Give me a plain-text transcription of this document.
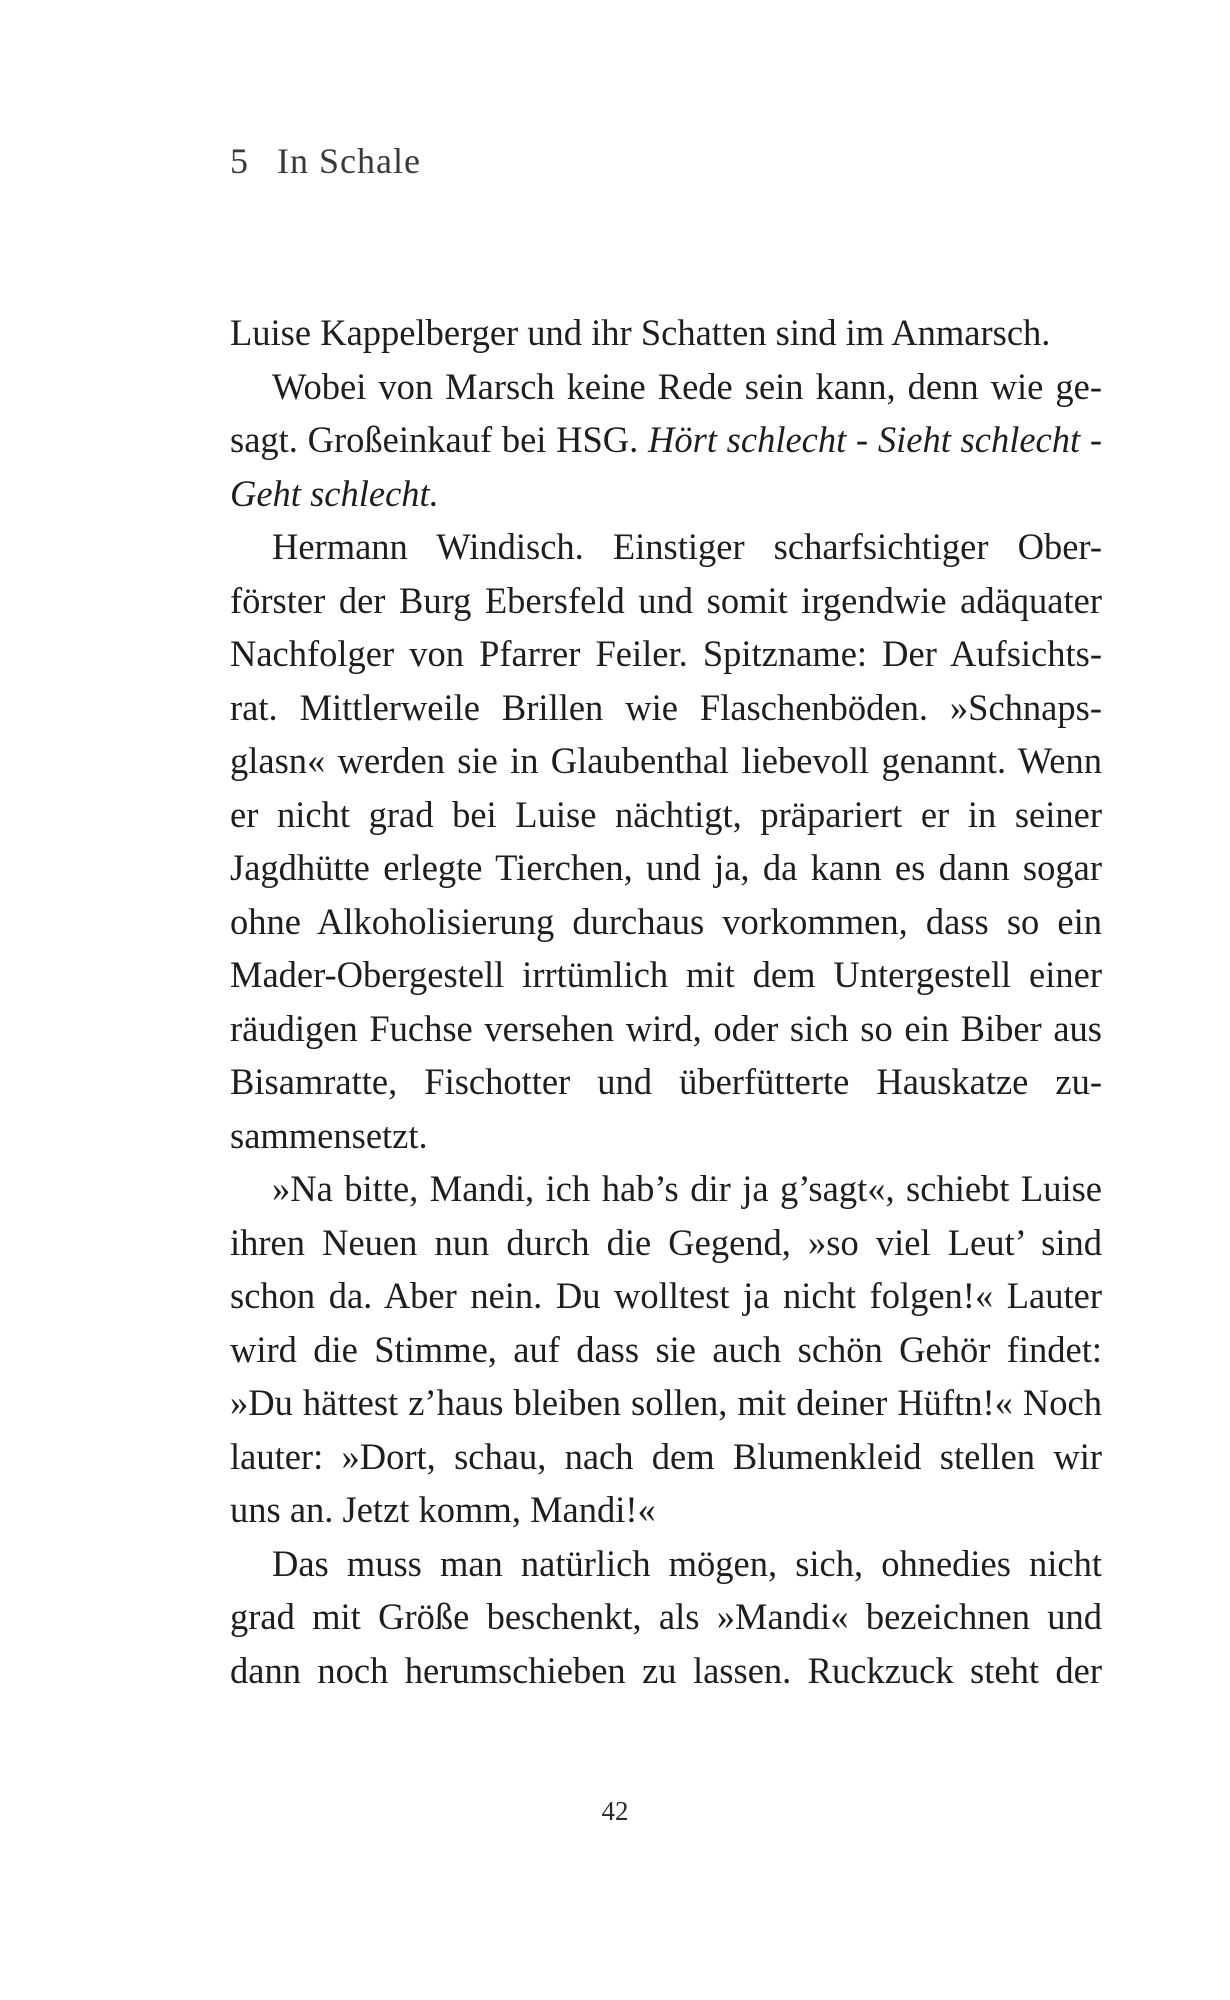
5 In Schale
Luise Kappelberger und ihr Schatten sind im Anmarsch.
Wobei von Marsch keine Rede sein kann, denn wie ge-
sagt. Großeinkauf bei HSG. Hört schlecht - Sieht schlecht -
Geht schlecht.
Hermann Windisch. Einstiger scharfsichtiger Ober-
förster der Burg Ebersfeld und somit irgendwie adäquater
Nachfolger von Pfarrer Feiler. Spitzname: Der Aufsichts-
rat. Mittlerweile Brillen wie Flaschenböden. »Schnaps-
glasn« werden sie in Glaubenthal liebevoll genannt. Wenn
er nicht grad bei Luise nächtigt, präpariert er in seiner
Jagdhütte erlegte Tierchen, und ja, da kann es dann sogar
ohne Alkoholisierung durchaus vorkommen, dass so ein
Mader-Obergestell irrtümlich mit dem Untergestell einer
räudigen Fuchse versehen wird, oder sich so ein Biber aus
Bisamratte, Fischotter und überfütterte Hauskatze zu-
sammensetzt.
»Na bitte, Mandi, ich hab’s dir ja g’sagt«, schiebt Luise
ihren Neuen nun durch die Gegend, »so viel Leut’ sind
schon da. Aber nein. Du wolltest ja nicht folgen!« Lauter
wird die Stimme, auf dass sie auch schön Gehör findet:
»Du hättest z’haus bleiben sollen, mit deiner Hüftn!« Noch
lauter: »Dort, schau, nach dem Blumenkleid stellen wir
uns an. Jetzt komm, Mandi!«
Das muss man natürlich mögen, sich, ohnedies nicht
grad mit Größe beschenkt, als »Mandi« bezeichnen und
dann noch herumschieben zu lassen. Ruckzuck steht der
42
